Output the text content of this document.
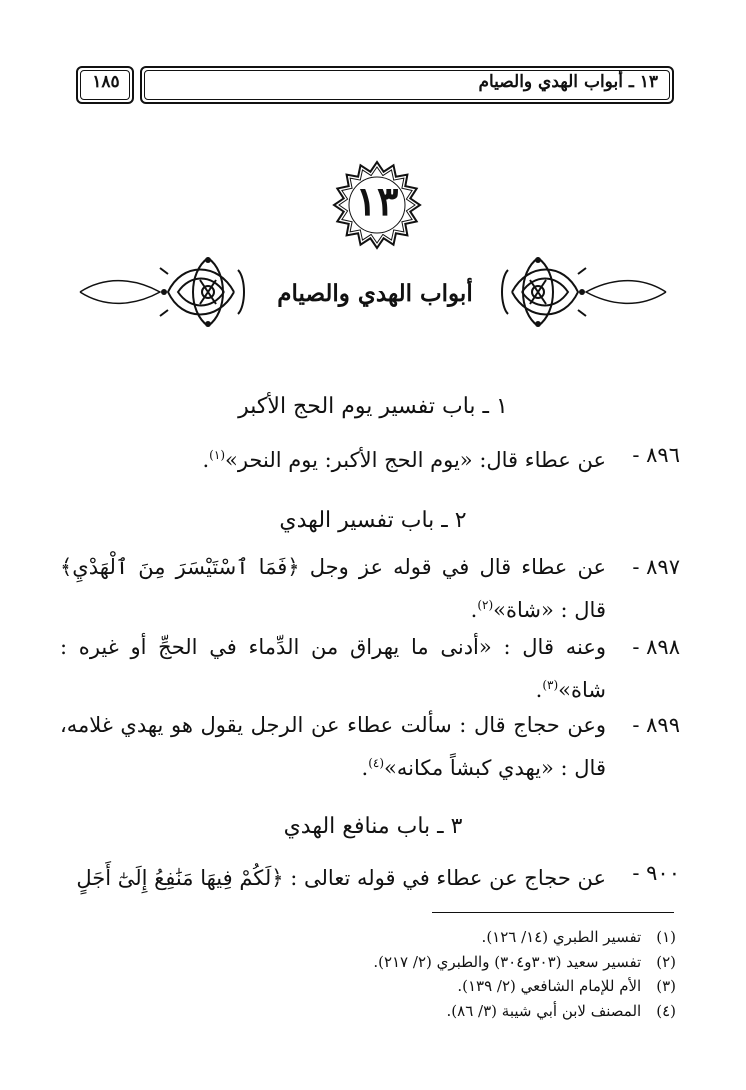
١٨٥	١٣ ـ أبواب الهدي والصيام
١٣
أبواب الهدي والصيام
١ ـ باب تفسير يوم الحج الأكبر
٨٩٦ -
عن عطاء قال: «يوم الحج الأكبر: يوم النحر»$^{(١)}$.
٢ ـ باب تفسير الهدي
٨٩٧ -
عن عطاء قال في قوله عز وجل ﴿فَمَا ٱسْتَيْسَرَ مِنَ ٱلْهَدْيِ﴾ قال : «شاة»$^{(٢)}$.
٨٩٨ -
وعنه قال : «أدنى ما يهراق من الدِّماء في الحجِّ أو غيره : شاة»$^{(٣)}$.
٨٩٩ -
وعن حجاج قال : سألت عطاء عن الرجل يقول هو يهدي غلامه، قال : «يهدي كبشاً مكانه»$^{(٤)}$.
٣ ـ باب منافع الهدي
٩٠٠ -
عن حجاج عن عطاء في قوله تعالى : ﴿لَكُمْ فِيهَا مَنَٰفِعُ إِلَىٰٓ أَجَلٍ
(١) تفسير الطبري (١٤/ ١٢٦).
(٢) تفسير سعيد (٣٠٣و٣٠٤) والطبري (٢/ ٢١٧).
(٣) الأم للإمام الشافعي (٢/ ١٣٩).
(٤) المصنف لابن أبي شيبة (٣/ ٨٦).
